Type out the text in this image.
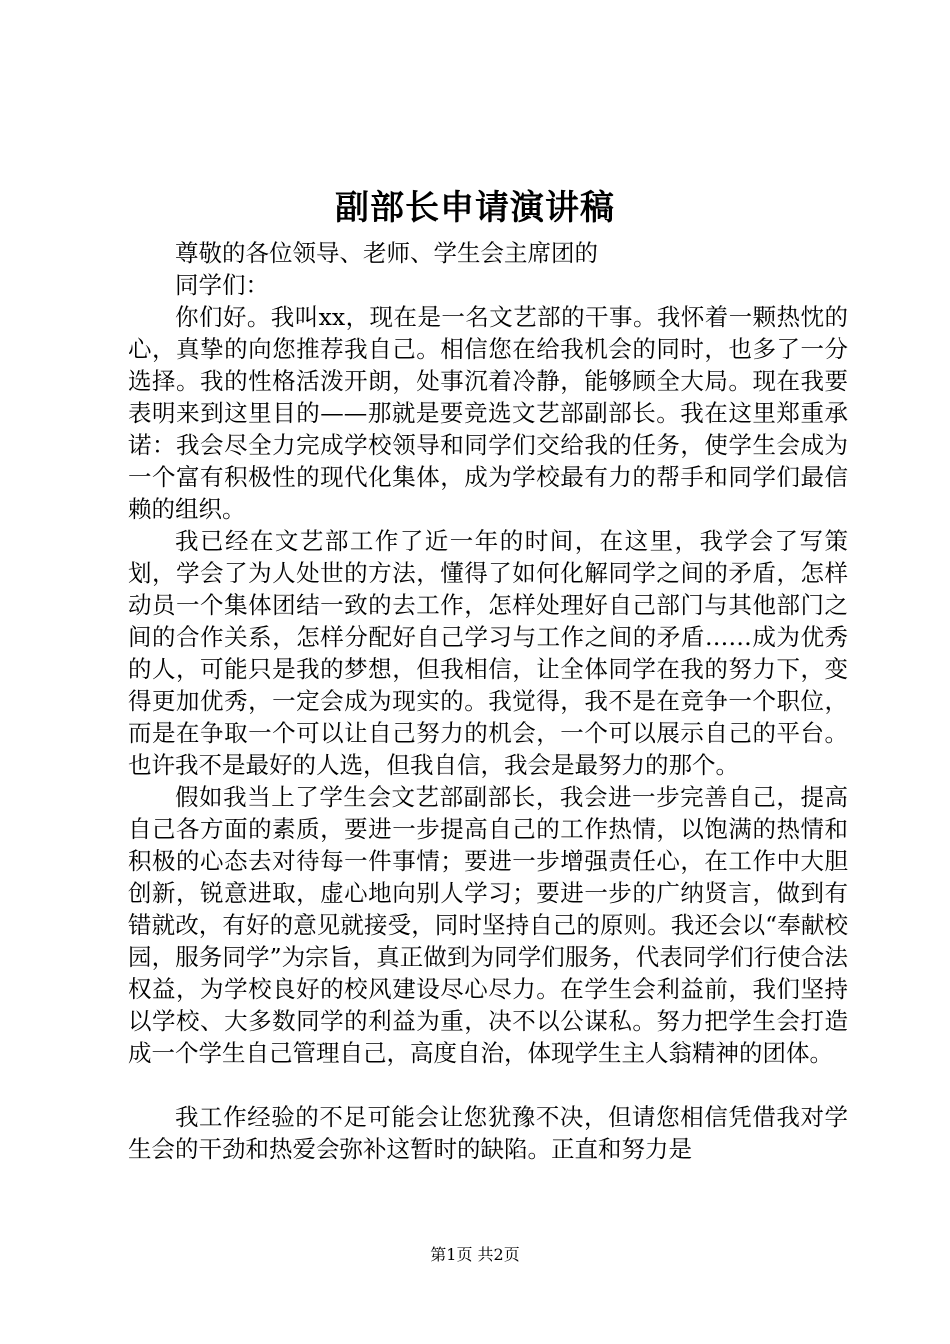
副部长申请演讲稿

尊敬的各位领导、老师、学生会主席团的

同学们：

你们好。我叫xx，现在是一名文艺部的干事。我怀着一颗热忱的心，真挚的向您推荐我自己。相信您在给我机会的同时，也多了一分选择。我的性格活泼开朗，处事沉着冷静，能够顾全大局。现在我要表明来到这里目的——那就是要竞选文艺部副部长。我在这里郑重承诺：我会尽全力完成学校领导和同学们交给我的任务，使学生会成为一个富有积极性的现代化集体，成为学校最有力的帮手和同学们最信赖的组织。

我已经在文艺部工作了近一年的时间，在这里，我学会了写策划，学会了为人处世的方法，懂得了如何化解同学之间的矛盾，怎样动员一个集体团结一致的去工作，怎样处理好自己部门与其他部门之间的合作关系，怎样分配好自己学习与工作之间的矛盾……成为优秀的人，可能只是我的梦想，但我相信，让全体同学在我的努力下，变得更加优秀，一定会成为现实的。我觉得，我不是在竞争一个职位，而是在争取一个可以让自己努力的机会，一个可以展示自己的平台。也许我不是最好的人选，但我自信，我会是最努力的那个。

假如我当上了学生会文艺部副部长，我会进一步完善自己，提高自己各方面的素质，要进一步提高自己的工作热情，以饱满的热情和积极的心态去对待每一件事情；要进一步增强责任心，在工作中大胆创新，锐意进取，虚心地向别人学习；要进一步的广纳贤言，做到有错就改，有好的意见就接受，同时坚持自己的原则。我还会以“奉献校园，服务同学”为宗旨，真正做到为同学们服务，代表同学们行使合法权益，为学校良好的校风建设尽心尽力。在学生会利益前，我们坚持以学校、大多数同学的利益为重，决不以公谋私。努力把学生会打造成一个学生自己管理自己，高度自治，体现学生主人翁精神的团体。

我工作经验的不足可能会让您犹豫不决，但请您相信凭借我对学生会的干劲和热爱会弥补这暂时的缺陷。正直和努力是

第1页 共2页
